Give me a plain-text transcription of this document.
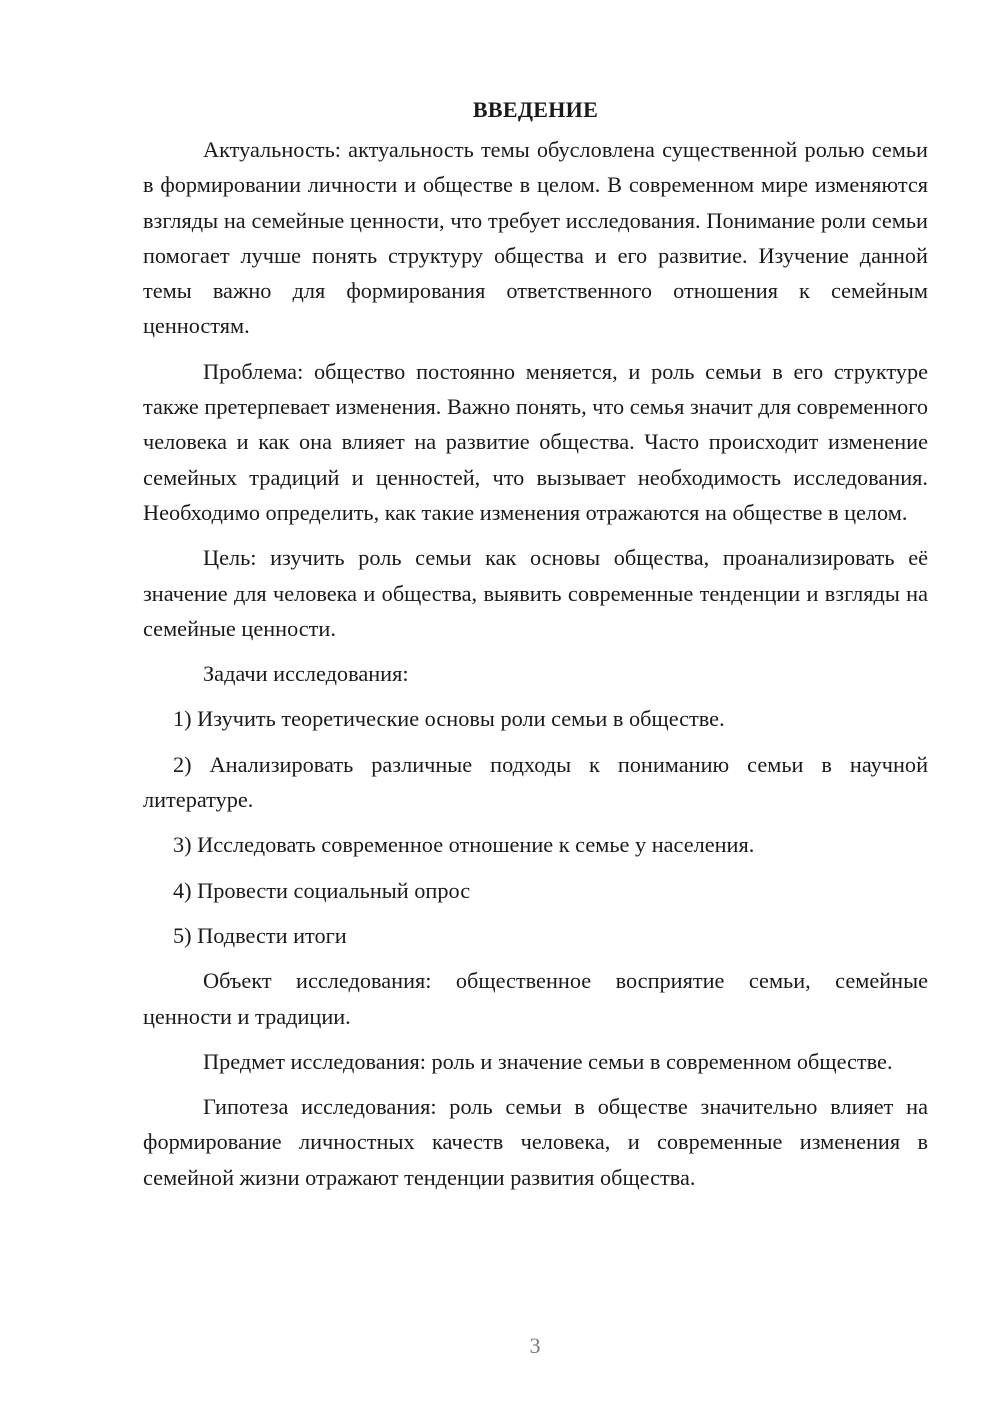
ВВЕДЕНИЕ

Актуальность: актуальность темы обусловлена существенной ролью семьи в формировании личности и обществе в целом. В современном мире изменяются взгляды на семейные ценности, что требует исследования. Понимание роли семьи помогает лучше понять структуру общества и его развитие. Изучение данной темы важно для формирования ответственного отношения к семейным ценностям.

Проблема: общество постоянно меняется, и роль семьи в его структуре также претерпевает изменения. Важно понять, что семья значит для современного человека и как она влияет на развитие общества. Часто происходит изменение семейных традиций и ценностей, что вызывает необходимость исследования. Необходимо определить, как такие изменения отражаются на обществе в целом.

Цель: изучить роль семьи как основы общества, проанализировать её значение для человека и общества, выявить современные тенденции и взгляды на семейные ценности.

Задачи исследования:

1) Изучить теоретические основы роли семьи в обществе.

2) Анализировать различные подходы к пониманию семьи в научной литературе.

3) Исследовать современное отношение к семье у населения.

4) Провести социальный опрос

5) Подвести итоги

Объект исследования: общественное восприятие семьи, семейные ценности и традиции.

Предмет исследования: роль и значение семьи в современном обществе.

Гипотеза исследования: роль семьи в обществе значительно влияет на формирование личностных качеств человека, и современные изменения в семейной жизни отражают тенденции развития общества.

3
